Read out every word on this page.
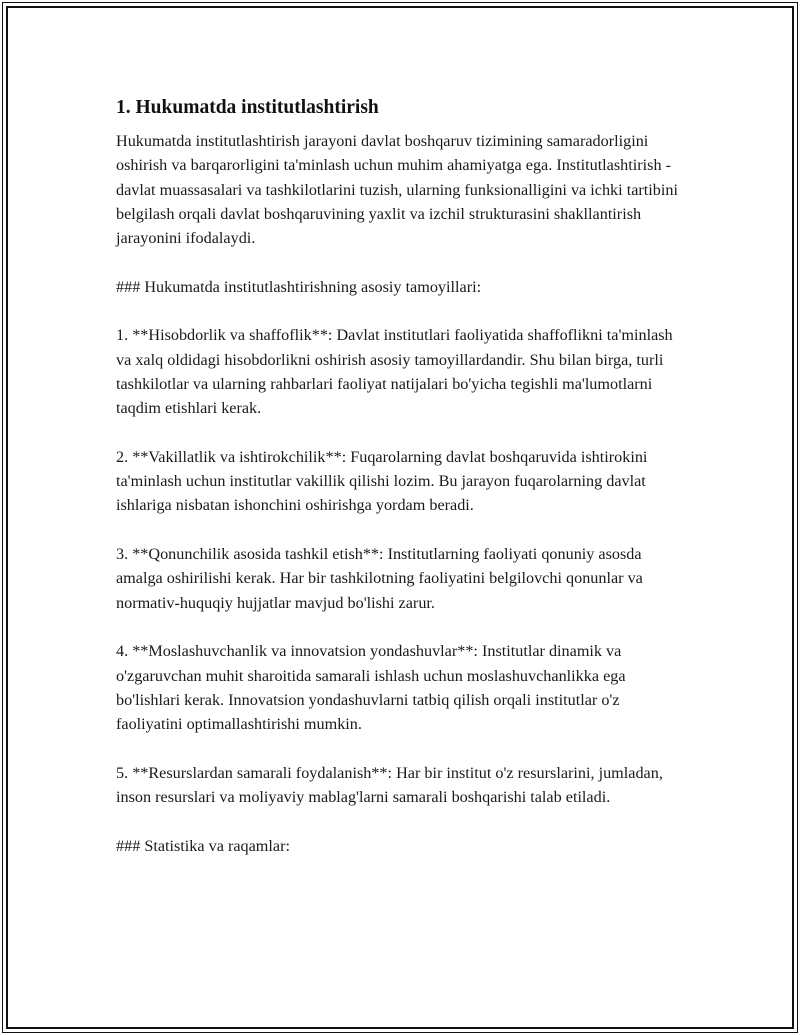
1. Hukumatda institutlashtirish

Hukumatda institutlashtirish jarayoni davlat boshqaruv tizimining samaradorligini oshirish va barqarorligini ta'minlash uchun muhim ahamiyatga ega. Institutlashtirish - davlat muassasalari va tashkilotlarini tuzish, ularning funksionalligini va ichki tartibini belgilash orqali davlat boshqaruvining yaxlit va izchil strukturasini shakllantirish jarayonini ifodalaydi.

### Hukumatda institutlashtirishning asosiy tamoyillari:

1. **Hisobdorlik va shaffoflik**: Davlat institutlari faoliyatida shaffoflikni ta'minlash va xalq oldidagi hisobdorlikni oshirish asosiy tamoyillardandir. Shu bilan birga, turli tashkilotlar va ularning rahbarlari faoliyat natijalari bo'yicha tegishli ma'lumotlarni taqdim etishlari kerak.

2. **Vakillatlik va ishtirokchilik**: Fuqarolarning davlat boshqaruvida ishtirokini ta'minlash uchun institutlar vakillik qilishi lozim. Bu jarayon fuqarolarning davlat ishlariga nisbatan ishonchini oshirishga yordam beradi.

3. **Qonunchilik asosida tashkil etish**: Institutlarning faoliyati qonuniy asosda amalga oshirilishi kerak. Har bir tashkilotning faoliyatini belgilovchi qonunlar va normativ-huquqiy hujjatlar mavjud bo'lishi zarur.

4. **Moslashuvchanlik va innovatsion yondashuvlar**: Institutlar dinamik va o'zgaruvchan muhit sharoitida samarali ishlash uchun moslashuvchanlikka ega bo'lishlari kerak. Innovatsion yondashuvlarni tatbiq qilish orqali institutlar o'z faoliyatini optimallashtirishi mumkin.

5. **Resurslardan samarali foydalanish**: Har bir institut o'z resurslarini, jumladan, inson resurslari va moliyaviy mablag'larni samarali boshqarishi talab etiladi.

### Statistika va raqamlar:
